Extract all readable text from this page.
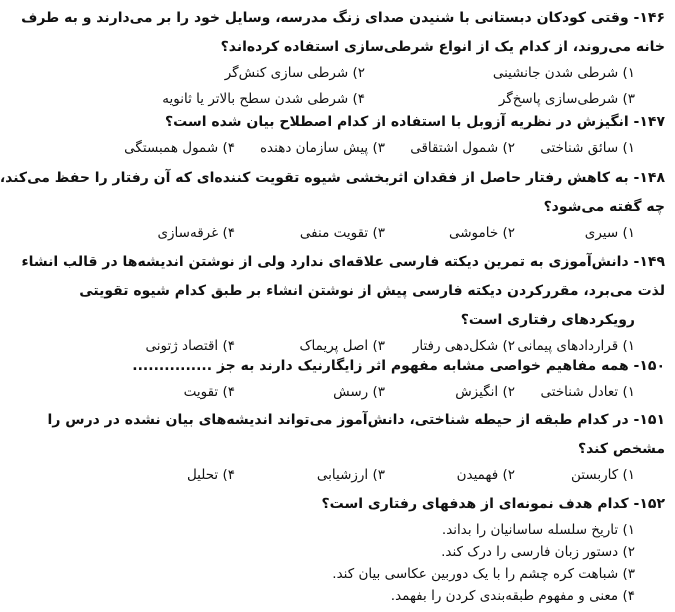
۱۴۶- وقتی کودکان دبستانی با شنیدن صدای زنگ مدرسه، وسایل خود را بر می‌دارند و به طرف
خانه می‌روند، از کدام یک از انواع شرطی‌سازی استفاده کرده‌اند؟
۱) شرطی شدن جانشینی
۲) شرطی سازی کنش‌گر
۳) شرطی‌سازی پاسخ‌گر
۴) شرطی شدن سطح بالاتر یا ثانویه
۱۴۷- انگیزش در نظریه آزوبل با استفاده از کدام اصطلاح بیان شده است؟
۱) سائق شناختی
۲) شمول اشتقاقی
۳) پیش سازمان دهنده
۴) شمول همبستگی
۱۴۸- به کاهش رفتار حاصل از فقدان اثربخشی شیوه تقویت کننده‌ای که آن رفتار را حفظ می‌کند،
چه گفته می‌شود؟
۱) سیری
۲) خاموشی
۳) تقویت منفی
۴) غرقه‌سازی
۱۴۹- دانش‌آموزی به تمرین دیکته فارسی علاقه‌ای ندارد ولی از نوشتن اندیشه‌ها در قالب انشاء
لذت می‌برد، مقررکردن دیکته فارسی پیش از نوشتن انشاء بر طبق کدام شیوه تقویتی
رویکردهای رفتاری است؟
۱) قراردادهای پیمانی
۲) شکل‌دهی رفتار
۳) اصل پریماک
۴) اقتصاد ژتونی
۱۵۰- همه مفاهیم خواصی مشابه مفهوم اثر زایگارنیک دارند به جز ...............
۱) تعادل شناختی
۲) انگیزش
۳) رسش
۴) تقویت
۱۵۱- در کدام طبقه از حیطه شناختی، دانش‌آموز می‌تواند اندیشه‌های بیان نشده در درس را
مشخص کند؟
۱) کاربستن
۲) فهمیدن
۳) ارزشیابی
۴) تحلیل
۱۵۲- کدام هدف نمونه‌ای از هدفهای رفتاری است؟
۱) تاریخ سلسله ساسانیان را بداند.
۲) دستور زبان فارسی را درک کند.
۳) شباهت کره چشم را با یک دوربین عکاسی بیان کند.
۴) معنی و مفهوم طبقه‌بندی کردن را بفهمد.
